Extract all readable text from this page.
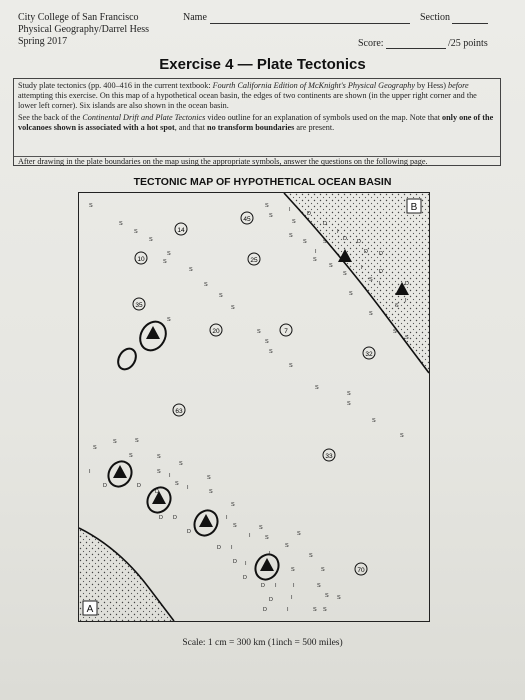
City College of San Francisco
Physical Geography/Darrel Hess
Spring 2017
Name	Section
Score:	/25 points
Exercise 4 — Plate Tectonics

Study plate tectonics (pp. 400–416 in the current textbook: Fourth California Edition of McKnight's Physical Geography by Hess) before attempting this exercise. On this map of a hypothetical ocean basin, the edges of two continents are shown (in the upper right corner and the lower left corner). Six islands are also shown in the ocean basin.

See the back of the Continental Drift and Plate Tectonics video outline for an explanation of symbols used on the map. Note that only one of the volcanoes shown is associated with a hot spot, and that no transform boundaries are present.

After drawing in the plate boundaries on the map using the appropriate symbols, answer the questions on the following page.
TECTONIC MAP OF HYPOTHETICAL OCEAN BASIN
B
A
45
14
10	25
35
20	7
32
63
33
70
S
S
S
S
S
S
S
S
S
S
S
S
S
S
S
S
S
S
S
S
S
I
S	D
S	D
S
I
D
S	S	D
I
S
D D
S	I
D
S
S
I	D
S
I
S
S
S
S
S
S	S
S	S
I
D	D
S
S
I
S
S
D
I
S
S
D D	I
S	S
D
I	S
S
D I	S
I	S
D I
I S	S
D
D I	I	S
S
D	I	S
D	I	S S
Scale: 1 cm = 300 km (1inch = 500 miles)
